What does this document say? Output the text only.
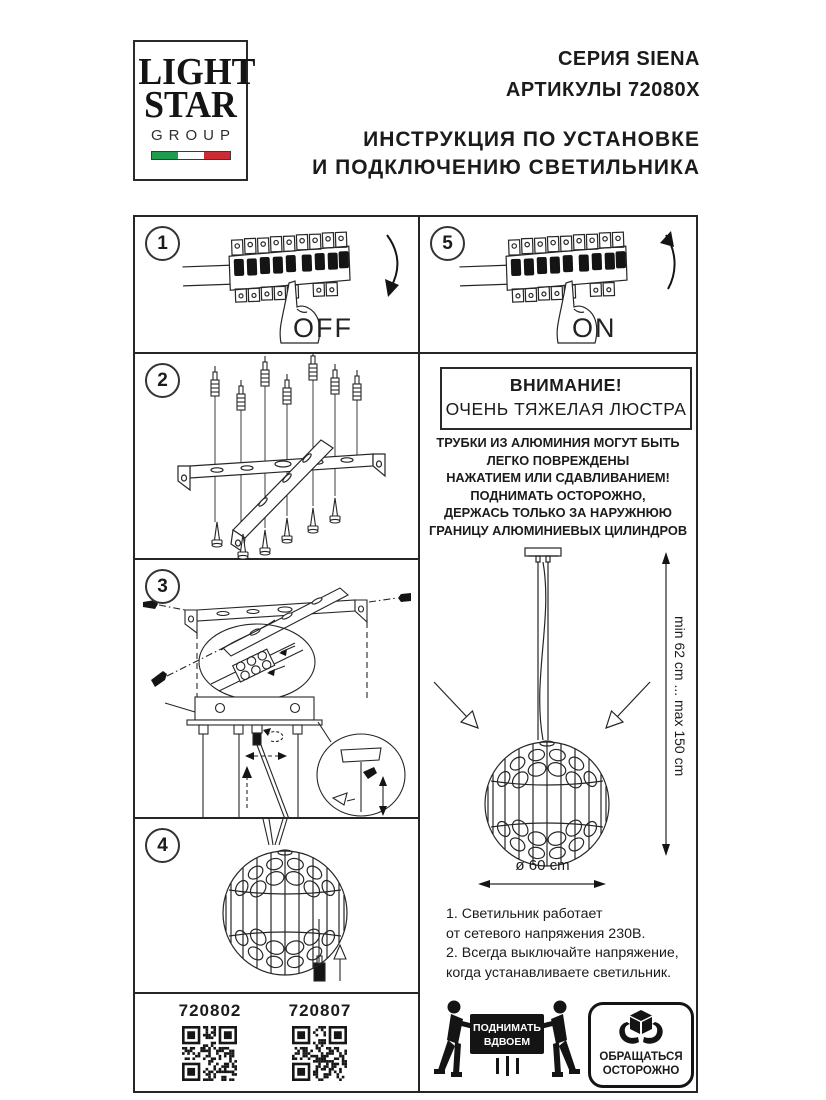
LIGHT
STAR
GROUP
СЕРИЯ SIENA
АРТИКУЛЫ 72080X
ИНСТРУКЦИЯ ПО УСТАНОВКЕ
И ПОДКЛЮЧЕНИЮ СВЕТИЛЬНИКА
1
OFF
5
ON
2
3
4
720802	720807
ВНИМАНИЕ!
ОЧЕНЬ ТЯЖЕЛАЯ ЛЮСТРА
ТРУБКИ ИЗ АЛЮМИНИЯ МОГУТ БЫТЬ
ЛЕГКО ПОВРЕЖДЕНЫ
НАЖАТИЕМ ИЛИ СДАВЛИВАНИЕМ!
ПОДНИМАТЬ ОСТОРОЖНО,
ДЕРЖАСЬ ТОЛЬКО ЗА НАРУЖНЮЮ
ГРАНИЦУ АЛЮМИНИЕВЫХ ЦИЛИНДРОВ
min 62 cm ... max 150 cm
ø 60 cm
1. Светильник работает
от сетевого напряжения 230В.
2. Всегда выключайте напряжение,
когда устанавливаете светильник.
ПОДНИМАТЬ
ВДВОЕМ
ОБРАЩАТЬСЯ
ОСТОРОЖНО
